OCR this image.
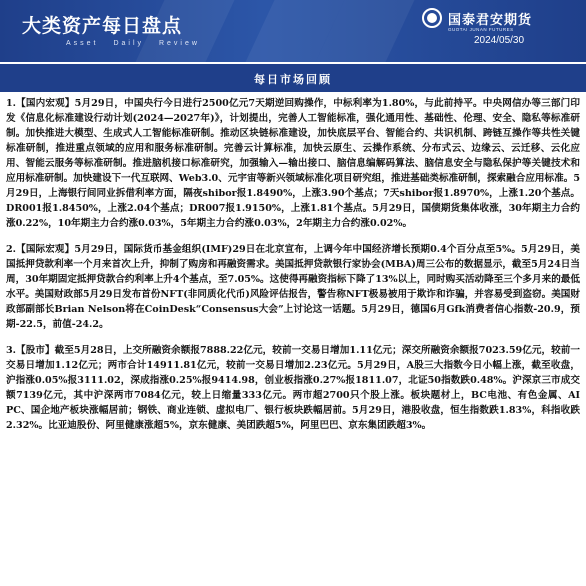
大类资产每日盘点
Asset Daily Review
国泰君安期货
GUOTAI JUNAN FUTURES
2024/05/30
每日市场回顾

1.【国内宏观】5月29日，中国央行今日进行2500亿元7天期逆回购操作，中标利率为1.80%，与此前持平。中央网信办等三部门印发《信息化标准建设行动计划(2024—2027年)》，计划提出，完善人工智能标准，强化通用性、基础性、伦理、安全、隐私等标准研制。加快推进大模型、生成式人工智能标准研制。推动区块链标准建设，加快底层平台、智能合约、共识机制、跨链互操作等共性关键标准研制，推进重点领域的应用和服务标准研制。完善云计算标准，加快云原生、云操作系统、分布式云、边缘云、云迁移、云化应用、智能云服务等标准研制。推进脑机接口标准研究，加强输入—输出接口、脑信息编解码算法、脑信息安全与隐私保护等关键技术和应用标准研制。加快建设下一代互联网、Web3.0、元宇宙等新兴领域标准化项目研究组，推进基础类标准研制，探索融合应用标准。5月29日，上海银行间同业拆借利率方面，隔夜shibor报1.8490%，上涨3.90个基点；7天shibor报1.8970%，上涨1.20个基点。DR001报1.8450%，上涨2.04个基点；DR007报1.9150%，上涨1.81个基点。5月29日，国债期货集体收涨，30年期主力合约涨0.22%，10年期主力合约涨0.03%，5年期主力合约涨0.03%，2年期主力合约涨0.02%。

2.【国际宏观】5月29日，国际货币基金组织(IMF)29日在北京宣布，上调今年中国经济增长预期0.4个百分点至5%。5月29日，美国抵押贷款利率一个月来首次上升，抑制了购房和再融资需求。美国抵押贷款银行家协会(MBA)周三公布的数据显示，截至5月24日当周，30年期固定抵押贷款合约利率上升4个基点，至7.05%。这使得再融资指标下降了13%以上，同时购买活动降至三个多月来的最低水平。美国财政部5月29日发布首份NFT(非同质化代币)风险评估报告，警告称NFT极易被用于欺诈和诈骗，并容易受到盗窃。美国财政部副部长Brian Nelson将在CoinDesk“Consensus大会”上讨论这一话题。5月29日，德国6月Gfk消费者信心指数-20.9，预期-22.5，前值-24.2。

3.【股市】截至5月28日，上交所融资余额报7888.22亿元，较前一交易日增加1.11亿元；深交所融资余额报7023.59亿元，较前一交易日增加1.12亿元；两市合计14911.81亿元，较前一交易日增加2.23亿元。5月29日，A股三大指数今日小幅上涨，截至收盘，沪指涨0.05%报3111.02，深成指涨0.25%报9414.98，创业板指涨0.27%报1811.07，北证50指数跌0.48%。沪深京三市成交额7139亿元，其中沪深两市7084亿元，较上日缩量333亿元。两市超2700只个股上涨。板块题材上，BC电池、有色金属、AI PC、国企地产板块涨幅居前；钢铁、商业连锁、虚拟电厂、银行板块跌幅居前。5月29日，港股收盘，恒生指数跌1.83%，科指收跌2.32%。比亚迪股份、阿里健康涨超5%，京东健康、美团跌超5%，阿里巴巴、京东集团跌超3%。
